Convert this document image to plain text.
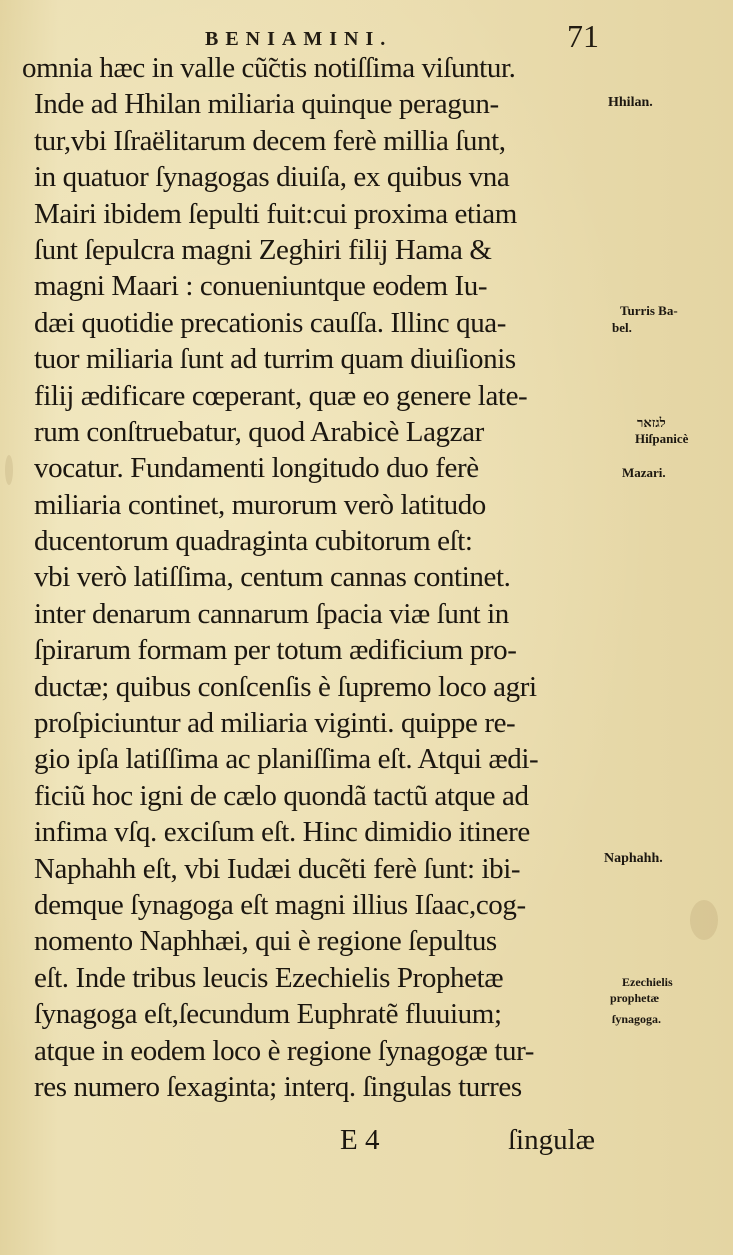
BENIAMINI.	71
omnia hæc in valle cũ̃ctis notiſſima viſuntur.
Inde ad Hhilan miliaria quinque peragun-
tur,vbi Iſraëlitarum decem ferè millia ſunt,
in quatuor ſynagogas diuiſa, ex quibus vna
Mairi ibidem ſepulti fuit:cui proxima etiam
ſunt ſepulcra magni Zeghiri filij Hama &
magni Maari : conueniuntque eodem Iu-
dæi quotidie precationis cauſſa. Illinc qua-
tuor miliaria ſunt ad turrim quam diuiſionis
filij ædificare cœperant, quæ eo genere late-
rum conſtruebatur, quod Arabicè Lagzar
vocatur. Fundamenti longitudo duo ferè
miliaria continet, murorum verò latitudo
ducentorum quadraginta cubitorum eſt:
vbi verò latiſſima, centum cannas continet.
inter denarum cannarum ſpacia viæ ſunt in
ſpirarum formam per totum ædificium pro-
ductæ; quibus conſcenſis è ſupremo loco agri
proſpiciuntur ad miliaria viginti. quippe re-
gio ipſa latiſſima ac planiſſima eſt. Atqui ædi-
ficiũ hoc igni de cælo quondã tactũ atque ad
infima vſq. exciſum eſt. Hinc dimidio itinere
Naphahh eſt, vbi Iudæi ducẽti ferè ſunt: ibi-
demque ſynagoga eſt magni illius Iſaac,cog-
nomento Naphhæi, qui è regione ſepultus
eſt. Inde tribus leucis Ezechielis Prophetæ
ſynagoga eſt,ſecundum Euphratẽ fluuium;
atque in eodem loco è regione ſynagogæ tur-
res numero ſexaginta; interq. ſingulas turres
Hhilan.
Turris Ba-
bel.
לגזאר
Hiſpanicè
Mazari.
Naphahh.
Ezechielis
prophetæ
ſynagoga.
E 4	ſingulæ
